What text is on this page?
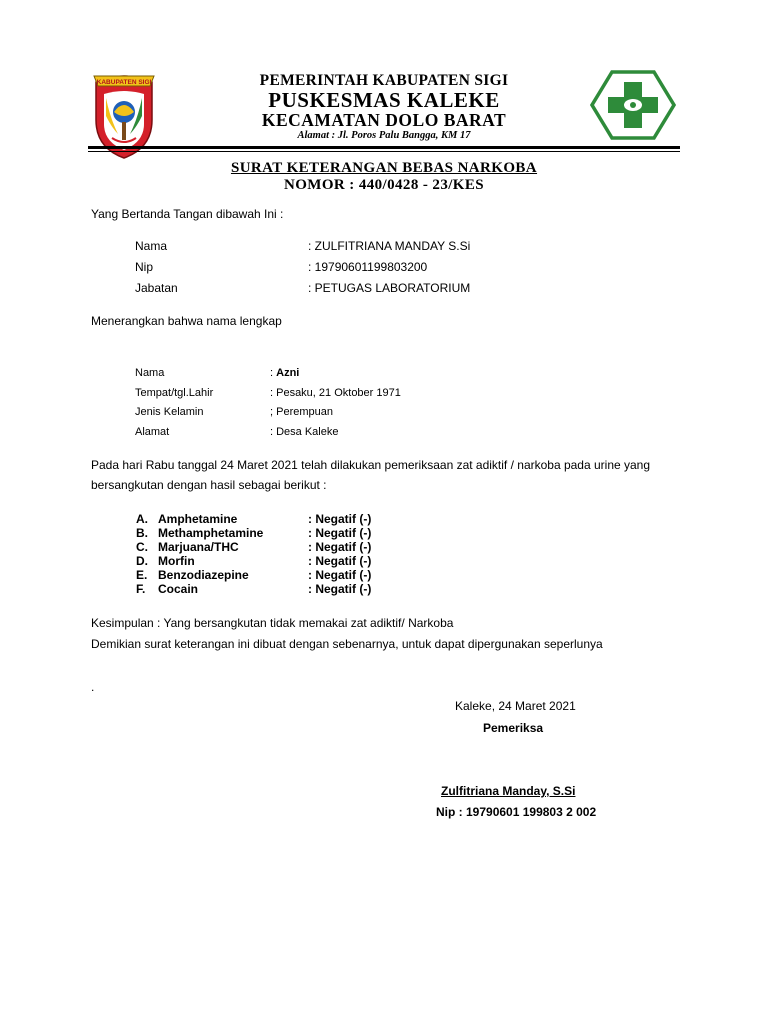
KABUPATEN SIGI	PEMERINTAH KABUPATEN SIGI
PUSKESMAS KALEKE
KECAMATAN DOLO BARAT
Alamat : Jl. Poros Palu Bangga, KM 17
SURAT KETERANGAN BEBAS NARKOBA
NOMOR : 440/0428 - 23/KES
Yang Bertanda Tangan dibawah Ini :
Nama	: ZULFITRIANA MANDAY S.Si
Nip	: 19790601199803200
Jabatan	: PETUGAS LABORATORIUM
Menerangkan bahwa nama lengkap
Nama	: Azni
Tempat/tgl.Lahir	: Pesaku, 21 Oktober 1971
Jenis Kelamin	; Perempuan
Alamat	: Desa Kaleke
Pada hari Rabu tanggal 24 Maret 2021 telah dilakukan pemeriksaan zat adiktif / narkoba pada urine yang
bersangkutan dengan hasil sebagai berikut :
A. Amphetamine	: Negatif (-)
B. Methamphetamine	: Negatif (-)
C. Marjuana/THC	: Negatif (-)
D. Morfin	: Negatif (-)
E. Benzodiazepine	: Negatif (-)
F. Cocain	: Negatif (-)
Kesimpulan : Yang bersangkutan tidak memakai zat adiktif/ Narkoba
Demikian surat keterangan ini dibuat dengan sebenarnya, untuk dapat dipergunakan seperlunya
.
Kaleke, 24 Maret 2021
Pemeriksa
Zulfitriana Manday, S.Si
Nip : 19790601 199803 2 002
